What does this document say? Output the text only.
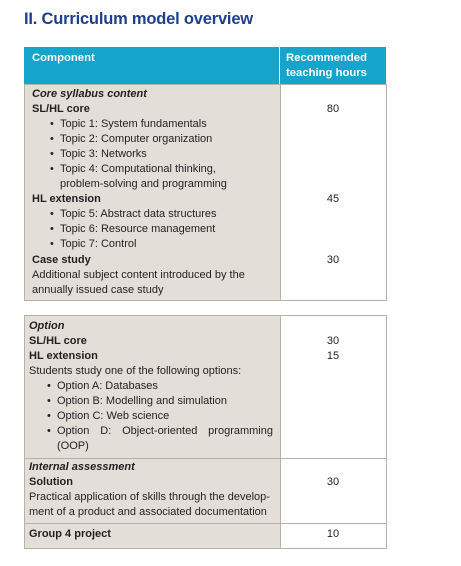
II. Curriculum model overview
Component	Recommended
teaching hours
Core syllabus content
SL/HL core	80
• Topic 1: System fundamentals
• Topic 2: Computer organization
• Topic 3: Networks
• Topic 4: Computational thinking,
problem-solving and programming
HL extension	45
• Topic 5: Abstract data structures
• Topic 6: Resource management
• Topic 7: Control
Case study	30
Additional subject content introduced by the
annually issued case study
Option
SL/HL core	30
HL extension	15
Students study one of the following options:
• Option A: Databases
• Option B: Modelling and simulation
• Option C: Web science
• Option D: Object-oriented programming
(OOP)
Internal assessment
Solution	30
Practical application of skills through the develop-
ment of a product and associated documentation
Group 4 project	10
